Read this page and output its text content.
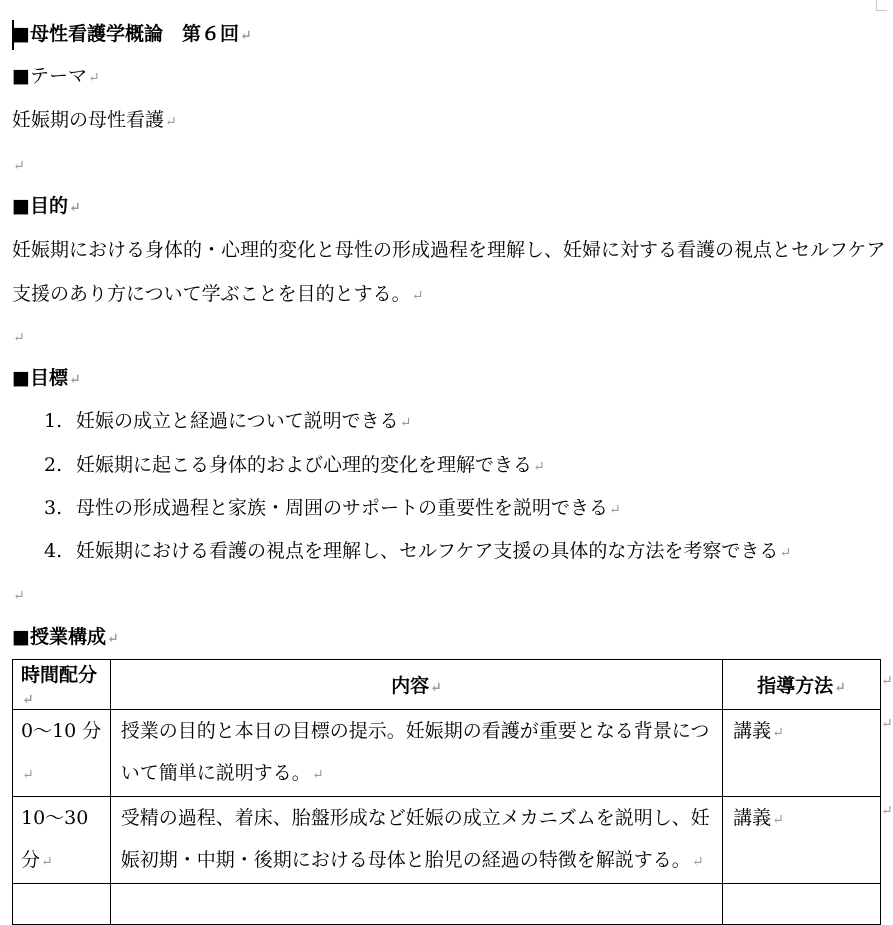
■母性看護学概論　第６回↵
■テーマ↵
妊娠期の母性看護↵
↵
■目的↵
妊娠期における身体的・心理的変化と母性の形成過程を理解し、妊婦に対する看護の視点とセルフケア
支援のあり方について学ぶことを目的とする。↵
↵
■目標↵
1. 妊娠の成立と経過について説明できる↵
2. 妊娠期に起こる身体的および心理的変化を理解できる↵
3. 母性の形成過程と家族・周囲のサポートの重要性を説明できる↵
4. 妊娠期における看護の視点を理解し、セルフケア支援の具体的な方法を考察できる↵
↵
■授業構成↵
時間配分↵	内容↵	指導方法↵
0～10 分↵	授業の目的と本日の目標の提示。妊娠期の看護が重要となる背景について簡単に説明する。↵	講義↵
10～30 分↵	受精の過程、着床、胎盤形成など妊娠の成立メカニズムを説明し、妊娠初期・中期・後期における母体と胎児の経過の特徴を解説する。↵	講義↵

↵
↵
↵
